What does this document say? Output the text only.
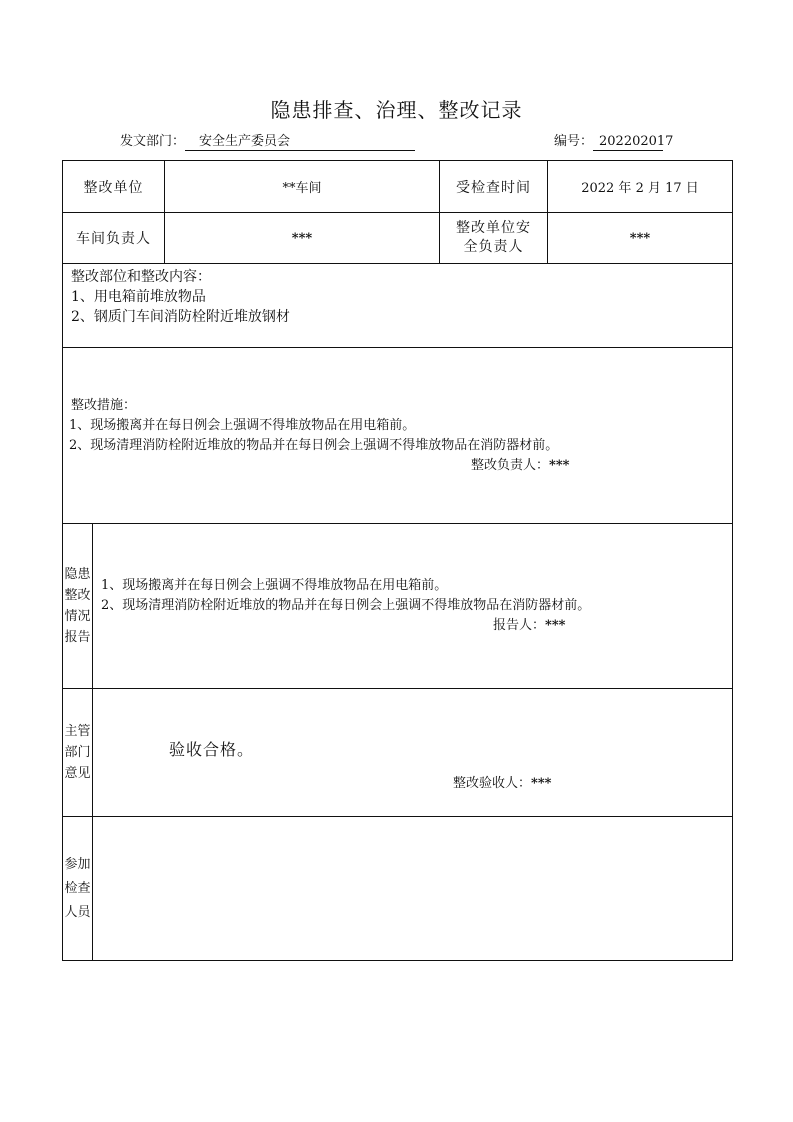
隐患排查、治理、整改记录
发文部门： 安全生产委员会	编号： 202202017
整改单位		**车间	受检查时间	2022 年 2 月 17 日
车间负责人		***	整改单位安全负责人	***

整改部位和整改内容：
1、用电箱前堆放物品
2、钢质门车间消防栓附近堆放钢材				

整改措施：
1、现场搬离并在每日例会上强调不得堆放物品在用电箱前。
2、现场清理消防栓附近堆放的物品并在每日例会上强调不得堆放物品在消防器材前。
整改负责人：***				

隐患整改情况报告	1、现场搬离并在每日例会上强调不得堆放物品在用电箱前。
2、现场清理消防栓附近堆放的物品并在每日例会上强调不得堆放物品在消防器材前。
报告人：***			

主管部门意见	验收合格。
整改验收人：***			

参加检查人员				
